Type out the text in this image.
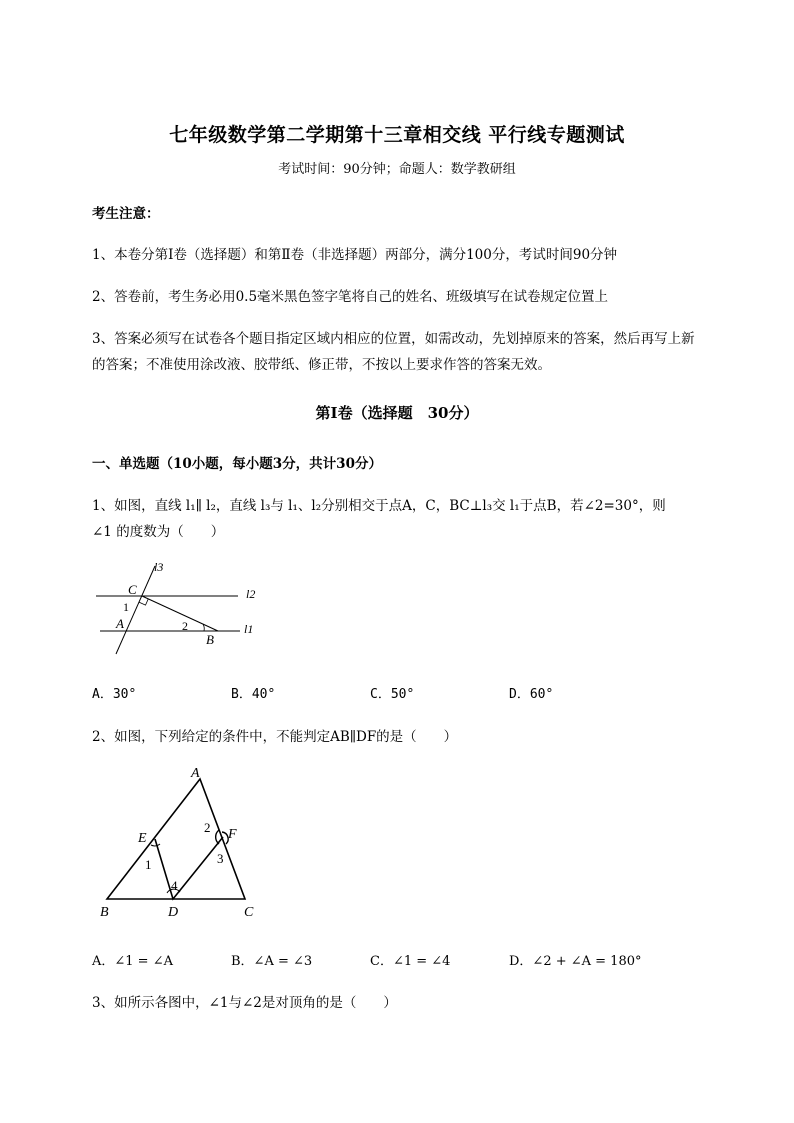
七年级数学第二学期第十三章相交线 平行线专题测试
考试时间：90分钟；命题人：数学教研组
考生注意：
1、本卷分第I卷（选择题）和第Ⅱ卷（非选择题）两部分，满分100分，考试时间90分钟
2、答卷前，考生务必用0.5毫米黑色签字笔将自己的姓名、班级填写在试卷规定位置上
3、答案必须写在试卷各个题目指定区域内相应的位置，如需改动，先划掉原来的答案，然后再写上新
的答案；不准使用涂改液、胶带纸、修正带，不按以上要求作答的答案无效。
第I卷（选择题　30分）
一、单选题（10小题，每小题3分，共计30分）
1、如图，直线 l₁∥ l₂，直线 l₃与 l₁、l₂分别相交于点A，C，BC⊥l₃交 l₁于点B，若∠2=30°，则
∠1 的度数为（　　）
l3
l2
l1
C
A
B
1
2
A．30°	B．40°	C．50°	D．60°
2、如图，下列给定的条件中，不能判定AB∥DF的是（　　）
A
B	C
D
E	F
1
2
3
4
A．∠1 = ∠A	B．∠A = ∠3	C．∠1 = ∠4	D．∠2 + ∠A = 180°
3、如所示各图中，∠1与∠2是对顶角的是（　　）
